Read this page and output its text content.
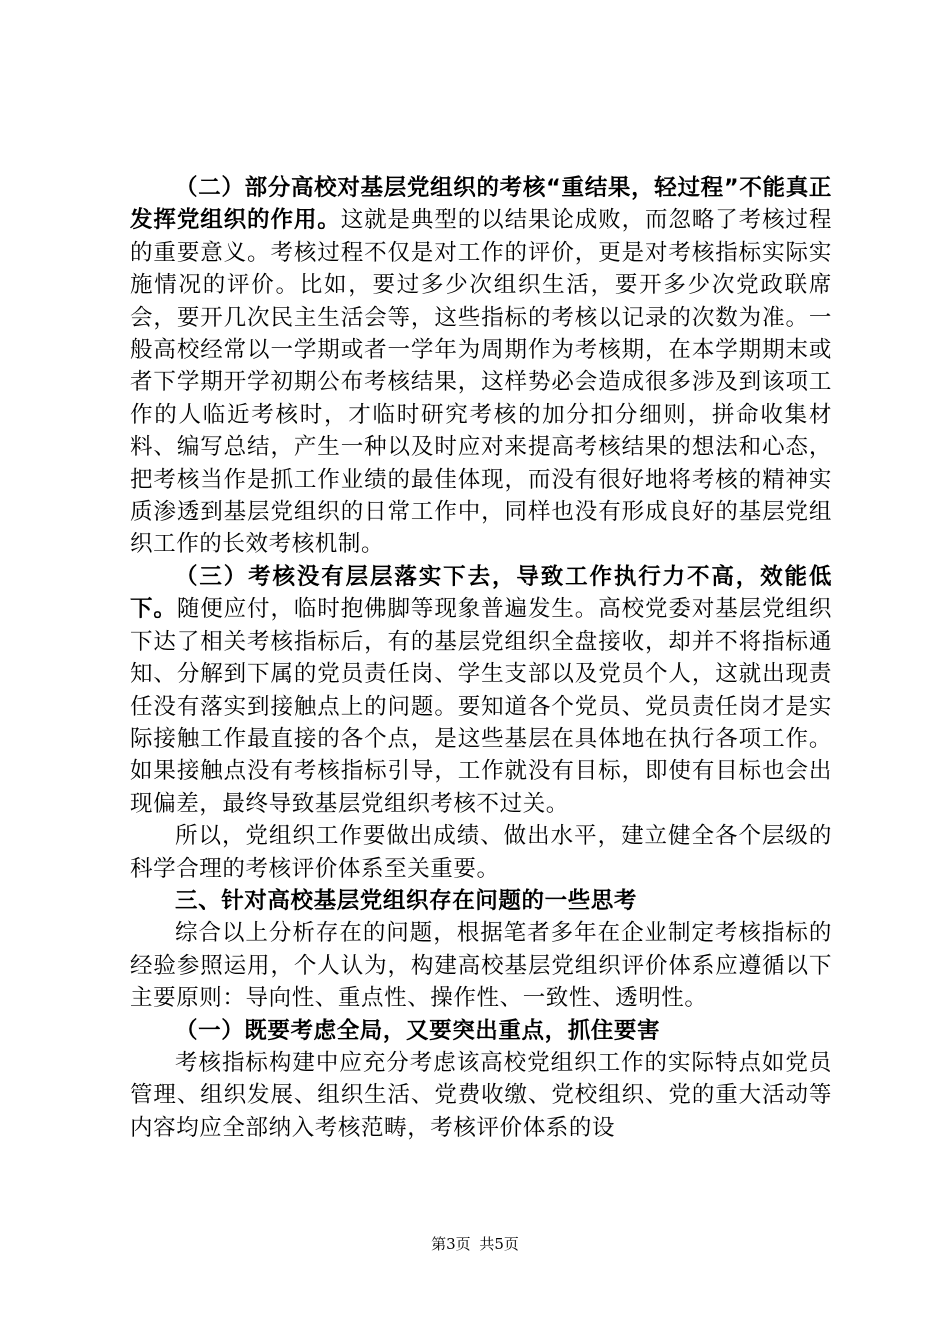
（二）部分高校对基层党组织的考核“重结果，轻过程”不能真正发挥党组织的作用。这就是典型的以结果论成败，而忽略了考核过程的重要意义。考核过程不仅是对工作的评价，更是对考核指标实际实施情况的评价。比如，要过多少次组织生活，要开多少次党政联席会，要开几次民主生活会等，这些指标的考核以记录的次数为准。一般高校经常以一学期或者一学年为周期作为考核期，在本学期期末或者下学期开学初期公布考核结果，这样势必会造成很多涉及到该项工作的人临近考核时，才临时研究考核的加分扣分细则，拼命收集材料、编写总结，产生一种以及时应对来提高考核结果的想法和心态，把考核当作是抓工作业绩的最佳体现，而没有很好地将考核的精神实质渗透到基层党组织的日常工作中，同样也没有形成良好的基层党组织工作的长效考核机制。

（三）考核没有层层落实下去，导致工作执行力不高，效能低下。随便应付，临时抱佛脚等现象普遍发生。高校党委对基层党组织下达了相关考核指标后，有的基层党组织全盘接收，却并不将指标通知、分解到下属的党员责任岗、学生支部以及党员个人，这就出现责任没有落实到接触点上的问题。要知道各个党员、党员责任岗才是实际接触工作最直接的各个点，是这些基层在具体地在执行各项工作。如果接触点没有考核指标引导，工作就没有目标，即使有目标也会出现偏差，最终导致基层党组织考核不过关。

所以，党组织工作要做出成绩、做出水平，建立健全各个层级的科学合理的考核评价体系至关重要。

三、针对高校基层党组织存在问题的一些思考

综合以上分析存在的问题，根据笔者多年在企业制定考核指标的经验参照运用，个人认为，构建高校基层党组织评价体系应遵循以下主要原则：导向性、重点性、操作性、一致性、透明性。

（一）既要考虑全局，又要突出重点，抓住要害

考核指标构建中应充分考虑该高校党组织工作的实际特点如党员管理、组织发展、组织生活、党费收缴、党校组织、党的重大活动等内容均应全部纳入考核范畴，考核评价体系的设

第3页 共5页
